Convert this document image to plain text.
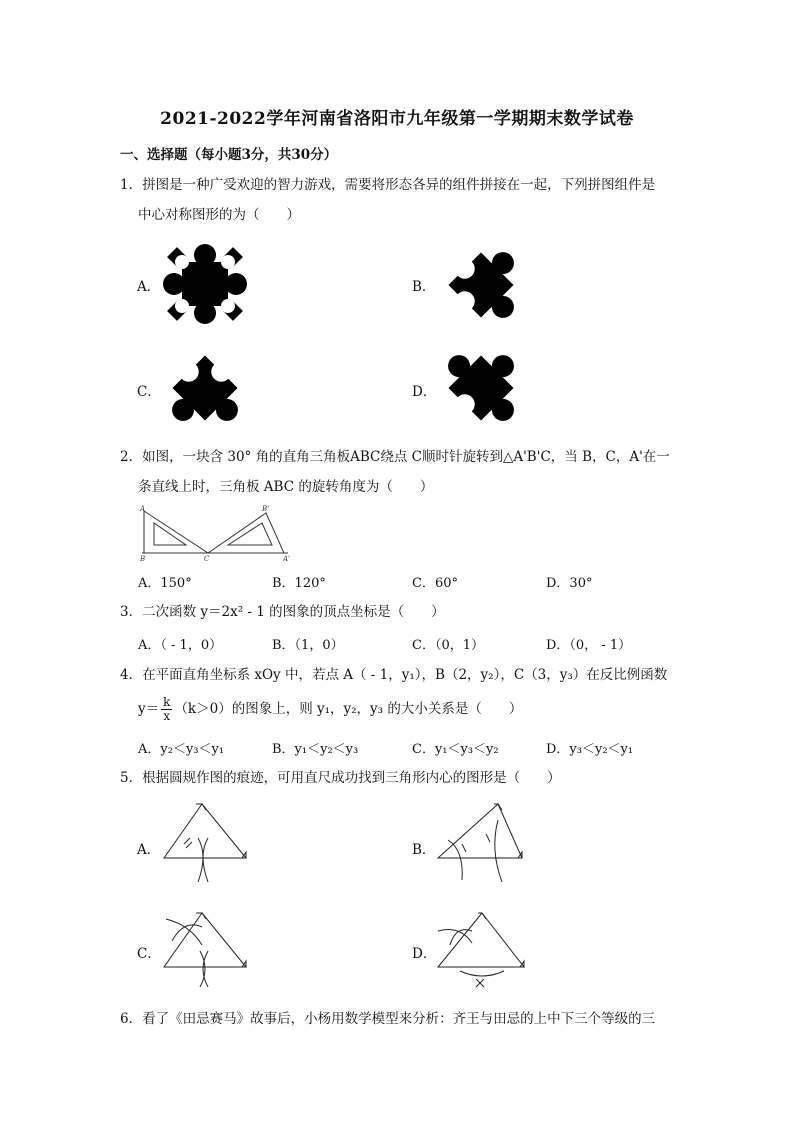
2021-2022学年河南省洛阳市九年级第一学期期末数学试卷
一、选择题（每小题3分，共30分）
1．拼图是一种广受欢迎的智力游戏，需要将形态各异的组件拼接在一起，下列拼图组件是
中心对称图形的为（　　）
A．	B．
C．	D．
2．如图，一块含 30° 角的直角三角板ABC绕点 C顺时针旋转到△A'B'C，当 B，C，A'在一
条直线上时，三角板 ABC 的旋转角度为（　　）
A
B	C
B'
A'
A．150°	B．120°	C．60°	D．30°
3．二次函数 y＝2x² - 1 的图象的顶点坐标是（　　）
A．（ - 1，0）	B．（1，0）	C．（0，1）	D．（0， - 1）
4．在平面直角坐标系 xOy 中，若点 A（ - 1，y₁），B（2，y₂），C（3，y₃）在反比例函数
$y= \frac{k}{x} (k>0)$的图象上，则 y₁，y₂，y₃ 的大小关系是（　　）
A．y₂＜y₃＜y₁	B．y₁＜y₂＜y₃	C．y₁＜y₃＜y₂	D．y₃＜y₂＜y₁
5．根据圆规作图的痕迹，可用直尺成功找到三角形内心的图形是（　　）
A．	B．
C．	D．
6．看了《田忌赛马》故事后，小杨用数学模型来分析：齐王与田忌的上中下三个等级的三
